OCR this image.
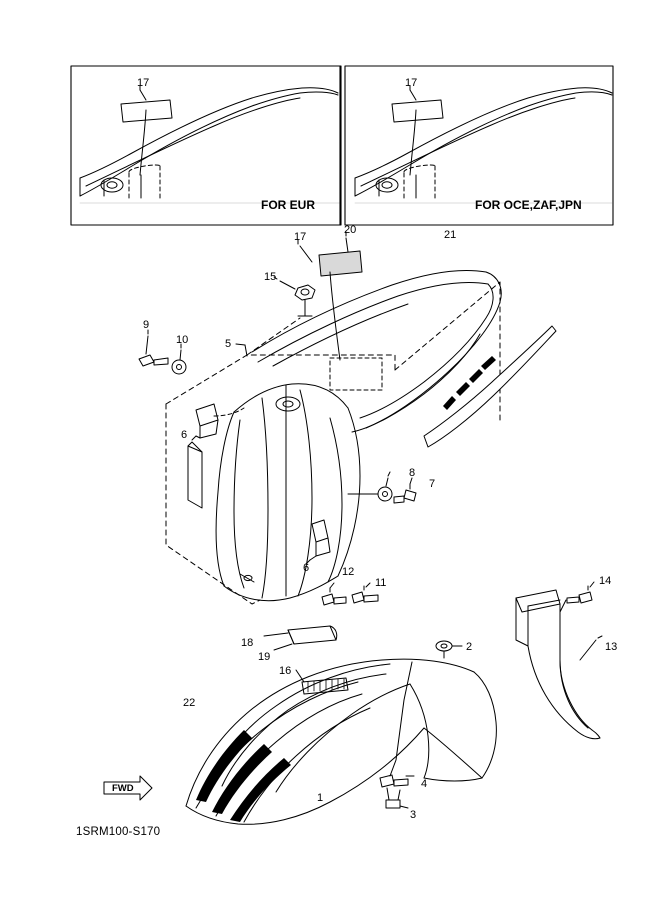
FOR EUR	FOR OCE,ZAF,JPN
17	17
17
20	21
15
9
10	5
6
8
7
6	12
11	14
13
18
19
16
2
22
1
4
3
FWD
1SRM100-S170
